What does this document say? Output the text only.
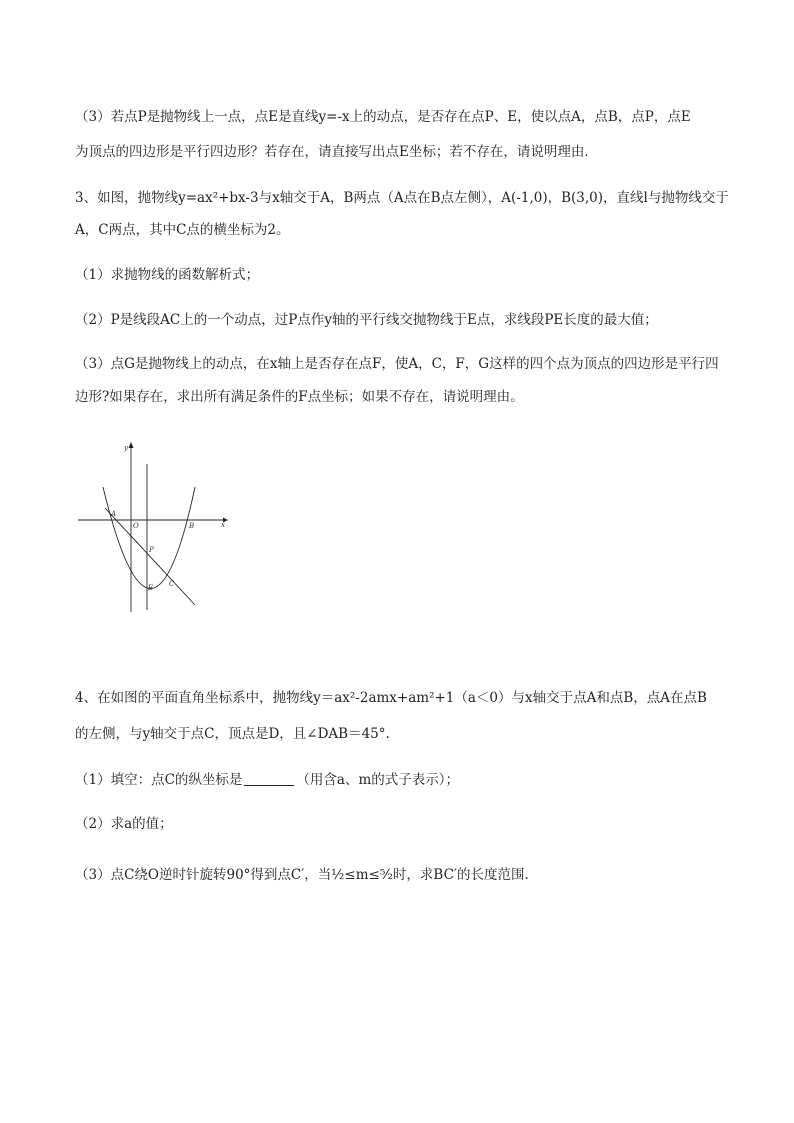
（3）若点P是抛物线上一点，点E是直线y=-x上的动点，是否存在点P、E，使以点A，点B，点P，点E
为顶点的四边形是平行四边形？若存在，请直接写出点E坐标；若不存在，请说明理由．
3、如图，抛物线y=ax²+bx-3与x轴交于A，B两点（A点在B点左侧），A(-1,0)，B(3,0)，直线l与抛物线交于
A，C两点，其中C点的横坐标为2。
（1）求抛物线的函数解析式；
（2）P是线段AC上的一个动点，过P点作y轴的平行线交抛物线于E点，求线段PE长度的最大值；
（3）点G是抛物线上的动点，在x轴上是否存在点F，使A，C，F，G这样的四个点为顶点的四边形是平行四
边形?如果存在，求出所有满足条件的F点坐标；如果不存在，请说明理由。
y
x
A
O	B
P
E C
4、在如图的平面直角坐标系中，抛物线y＝ax²-2amx+am²+1（a＜0）与x轴交于点A和点B，点A在点B
的左侧，与y轴交于点C，顶点是D，且∠DAB＝45°.
（1）填空：点C的纵坐标是	（用含a、m的式子表示）；
（2）求a的值；
（3）点C绕O逆时针旋转90°得到点C′，当½≤m≤⁵⁄₂时，求BC′的长度范围.
